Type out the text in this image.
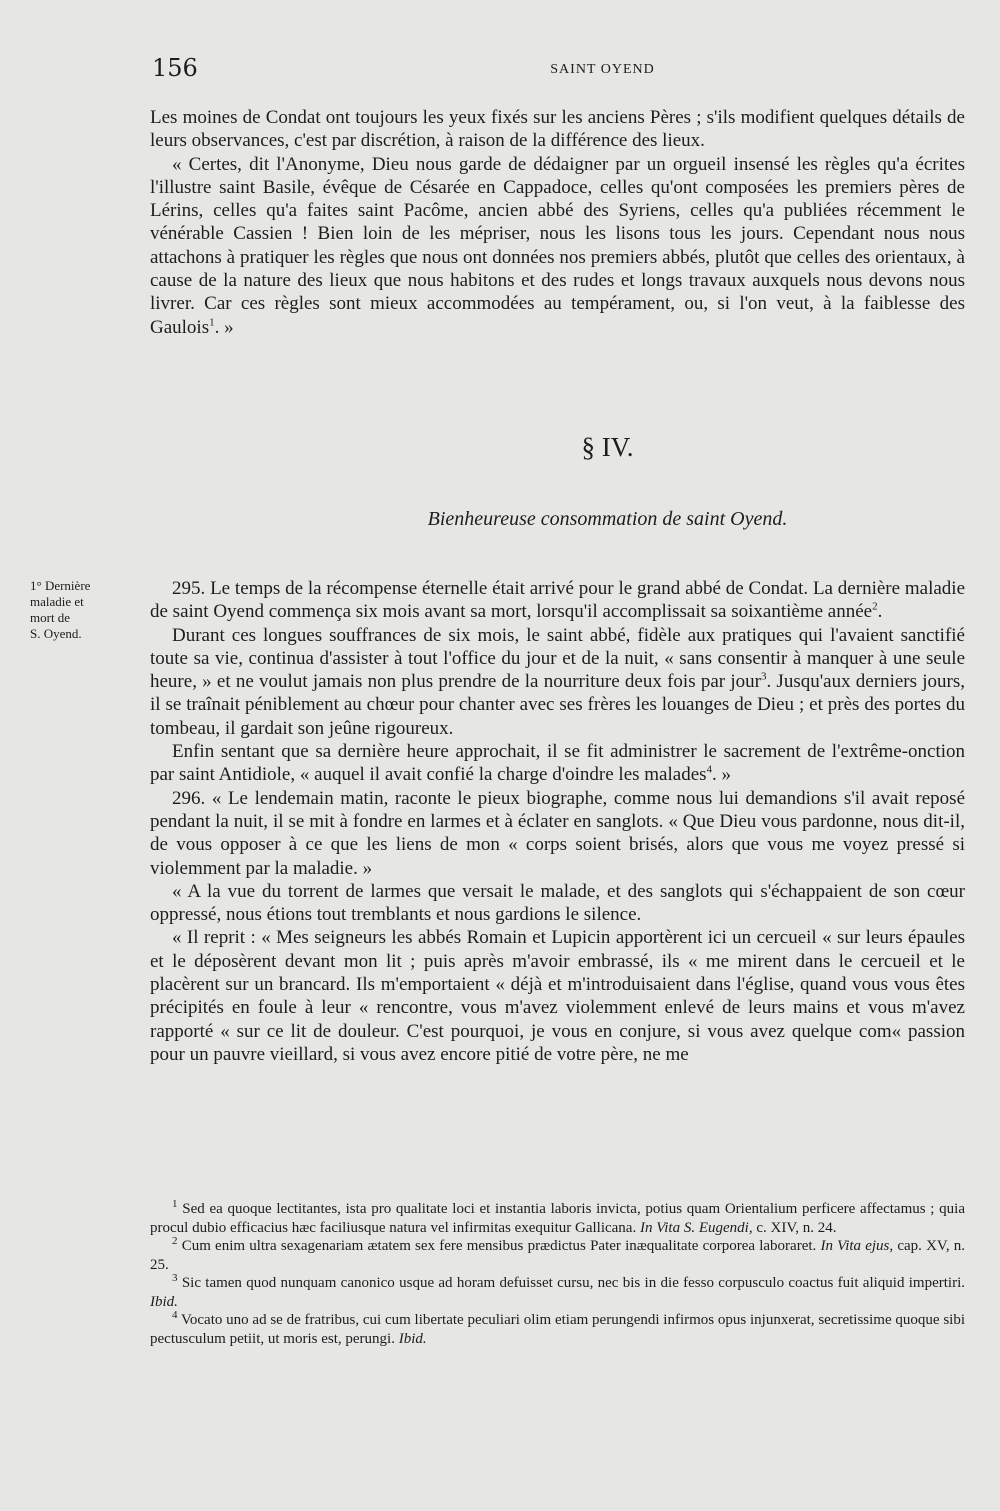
156	SAINT OYEND

Les moines de Condat ont toujours les yeux fixés sur les anciens Pères ; s'ils modifient quelques détails de leurs observances, c'est par discrétion, à raison de la différence des lieux.

« Certes, dit l'Anonyme, Dieu nous garde de dédaigner par un orgueil insensé les règles qu'a écrites l'illustre saint Basile, évêque de Césarée en Cappadoce, celles qu'ont composées les premiers pères de Lérins, celles qu'a faites saint Pacôme, ancien abbé des Syriens, celles qu'a publiées récemment le vénérable Cassien ! Bien loin de les mépriser, nous les lisons tous les jours. Cependant nous nous attachons à pratiquer les règles que nous ont données nos premiers abbés, plutôt que celles des orientaux, à cause de la nature des lieux que nous habitons et des rudes et longs travaux auxquels nous devons nous livrer. Car ces règles sont mieux accommodées au tempérament, ou, si l'on veut, à la faiblesse des Gaulois$^1$. »

§ IV.
Bienheureuse consommation de saint Oyend.
1° Dernière
maladie et
mort de
S. Oyend.

295. Le temps de la récompense éternelle était arrivé pour le grand abbé de Condat. La dernière maladie de saint Oyend commença six mois avant sa mort, lorsqu'il accomplissait sa soixantième année$^2$.

Durant ces longues souffrances de six mois, le saint abbé, fidèle aux pratiques qui l'avaient sanctifié toute sa vie, continua d'assister à tout l'office du jour et de la nuit, « sans consentir à manquer à une seule heure, » et ne voulut jamais non plus prendre de la nourriture deux fois par jour$^3$. Jusqu'aux derniers jours, il se traînait péniblement au chœur pour chanter avec ses frères les louanges de Dieu ; et près des portes du tombeau, il gardait son jeûne rigoureux.

Enfin sentant que sa dernière heure approchait, il se fit administrer le sacrement de l'extrême-onction par saint Antidiole, « auquel il avait confié la charge d'oindre les malades$^4$. »

296. « Le lendemain matin, raconte le pieux biographe, comme nous lui demandions s'il avait reposé pendant la nuit, il se mit à fondre en larmes et à éclater en sanglots. « Que Dieu vous pardonne, nous dit-il, de vous opposer à ce que les liens de mon « corps soient brisés, alors que vous me voyez pressé si violemment par la maladie. »

« A la vue du torrent de larmes que versait le malade, et des sanglots qui s'échappaient de son cœur oppressé, nous étions tout tremblants et nous gardions le silence.

« Il reprit : « Mes seigneurs les abbés Romain et Lupicin apportèrent ici un cercueil « sur leurs épaules et le déposèrent devant mon lit ; puis après m'avoir embrassé, ils « me mirent dans le cercueil et le placèrent sur un brancard. Ils m'emportaient « déjà et m'introduisaient dans l'église, quand vous vous êtes précipités en foule à leur « rencontre, vous m'avez violemment enlevé de leurs mains et vous m'avez rapporté « sur ce lit de douleur. C'est pourquoi, je vous en conjure, si vous avez quelque com« passion pour un pauvre vieillard, si vous avez encore pitié de votre père, ne me

$^1$ Sed ea quoque lectitantes, ista pro qualitate loci et instantia laboris invicta, potius quam Orientalium perficere affectamus ; quia procul dubio efficacius hæc faciliusque natura vel infirmitas exequitur Gallicana. In Vita S. Eugendi, c. XIV, n. 24.

$^2$ Cum enim ultra sexagenariam ætatem sex fere mensibus prædictus Pater inæqualitate corporea laboraret. In Vita ejus, cap. XV, n. 25.

$^3$ Sic tamen quod nunquam canonico usque ad horam defuisset cursu, nec bis in die fesso corpusculo coactus fuit aliquid impertiri. Ibid.

$^4$ Vocato uno ad se de fratribus, cui cum libertate peculiari olim etiam perungendi infirmos opus injunxerat, secretissime quoque sibi pectusculum petiit, ut moris est, perungi. Ibid.
